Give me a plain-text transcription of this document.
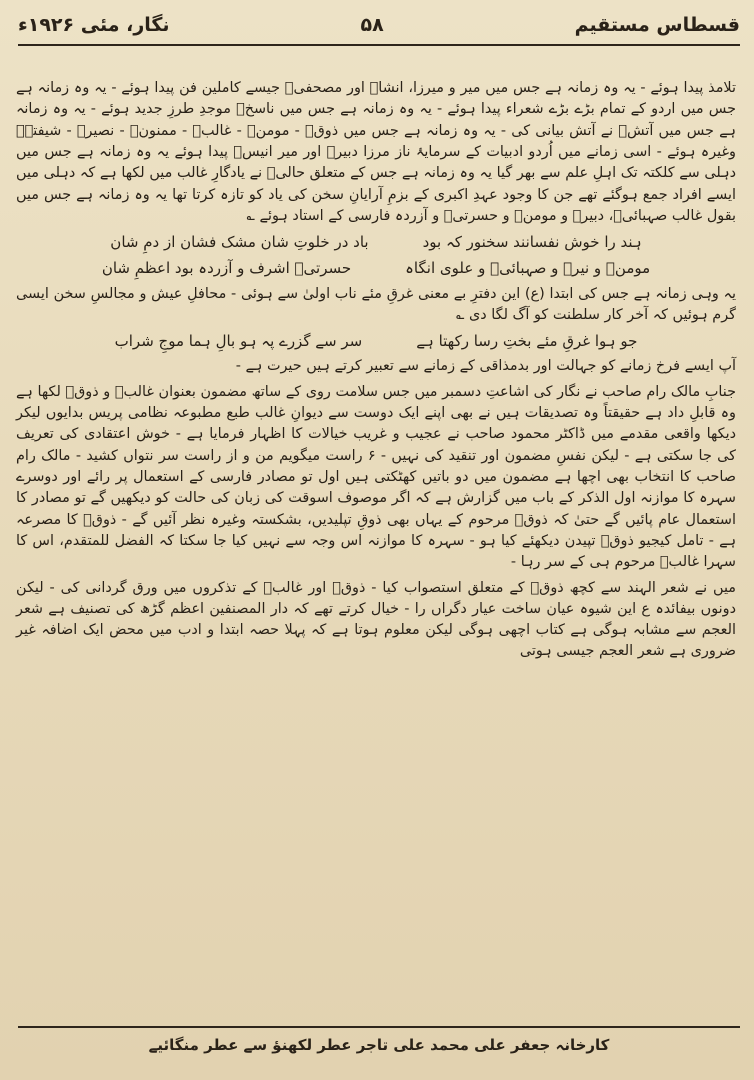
قسطاس مستقیم
۵۸
نگار، مئی ۱۹۲۶ء

تلامذ پیدا ہوئے - یہ وہ زمانہ ہے جس میں میر و میرزا، انشاؔ اور مصحفیؔ جیسے کاملین فن پیدا ہوئے - یہ وہ زمانہ ہے جس میں اردو کے تمام بڑے بڑے شعراء پیدا ہوئے - یہ وہ زمانہ ہے جس میں ناسخؔ موجدِ طرزِ جدید ہوئے - یہ وہ زمانہ ہے جس میں آتشؔ نے آتش بیانی کی - یہ وہ زمانہ ہے جس میں ذوقؔ - مومنؔ - غالبؔ - ممنونؔ - نصیرؔ - شیفتہؔ وغیرہ ہوئے - اسی زمانے میں اُردو ادبیات کے سرمایۂ ناز مرزا دبیرؔ اور میر انیسؔ پیدا ہوئے یہ وہ زمانہ ہے جس میں دہلی سے کلکتہ تک اہلِ علم سے بھر گیا یہ وہ زمانہ ہے جس کے متعلق حالیؔ نے یادگارِ غالب میں لکھا ہے کہ دہلی میں ایسے افراد جمع ہوگئے تھے جن کا وجود عہدِ اکبری کے بزمِ آرایانِ سخن کی یاد کو تازہ کرتا تھا یہ وہ زمانہ ہے جس میں بقول غالب صہبائیؔ، دبیرؔ و مومنؔ و حسرتیؔ و آزردہ فارسی کے استاد ہوئے ؎

ہند را خوش نفسانند سخنور کہ بود
باد در خلوتِ شان مشک فشان از دمِ شان
مومنؔ و نیرؔ و صہبائیؔ و علوی انگاہ
حسرتیؔ اشرف و آزردہ بود اعظمِ شان

یہ وہی زمانہ ہے جس کی ابتدا (ع) این دفترِ بے معنی غرقِ مئے ناب اولیٰ سے ہوئی - محافلِ عیش و مجالسِ سخن ایسی گرم ہوئیں کہ آخر کار سلطنت کو آگ لگا دی ؎

جو ہوا غرقِ مئے بختِ رسا رکھتا ہے
سر سے گزرے پہ ہو بالِ ہما موجِ شراب

آپ ایسے فرخ زمانے کو جہالت اور بدمذاقی کے زمانے سے تعبیر کرتے ہیں حیرت ہے -

جنابِ مالک رام صاحب نے نگار کی اشاعتِ دسمبر میں جس سلامت روی کے ساتھ مضمون بعنوان غالبؔ و ذوقؔ لکھا ہے وہ قابلِ داد ہے حقیقتاً وہ تصدیقات ہیں نے بھی اپنے ایک دوست سے دیوانِ غالب طبع مطبوعہ نظامی پریس بدایوں لیکر دیکھا واقعی مقدمے میں ڈاکٹر محمود صاحب نے عجیب و غریب خیالات کا اظہار فرمایا ہے - خوش اعتقادی کی تعریف کی جا سکتی ہے - لیکن نفسِ مضمون اور تنقید کی نہیں - ۶ راست میگویم من و از راست سر نتواں کشید - مالک رام صاحب کا انتخاب بھی اچھا ہے مضمون میں دو باتیں کھٹکتی ہیں اول تو مصادر فارسی کے استعمال پر رائے اور دوسرے سہرہ کا موازنہ اول الذکر کے باب میں گزارش ہے کہ اگر موصوف اسوقت کی زبان کی حالت کو دیکھیں گے تو مصادر کا استعمال عام پائیں گے حتیٰ کہ ذوقؔ مرحوم کے یہاں بھی ذوقِ تپلیدیں، بشکستہ وغیرہ نظر آئیں گے - ذوقؔ کا مصرعہ ہے - تامل کیجیو ذوقؔ تپیدن دیکھئے کیا ہو - سہرہ کا موازنہ اس وجہ سے نہیں کیا جا سکتا کہ الفضل للمتقدم، اس کا سہرا غالبؔ مرحوم ہی کے سر رہا -

میں نے شعر الہند سے کچھ ذوقؔ کے متعلق استصواب کیا - ذوقؔ اور غالبؔ کے تذکروں میں ورق گردانی کی - لیکن دونوں بیفائدہ ع این شیوہ عیان ساخت عیار دگراں را - خیال کرتے تھے کہ دار المصنفین اعظم گڑھ کی تصنیف ہے شعر العجم سے مشابہ ہوگی ہے کتاب اچھی ہوگی لیکن معلوم ہوتا ہے کہ پہلا حصہ ابتدا و ادب میں محض ایک اضافہ غیر ضروری ہے شعر العجم جیسی ہوتی

کارخانہ جعفر علی محمد علی تاجر عطر لکھنؤ سے عطر منگائیے
